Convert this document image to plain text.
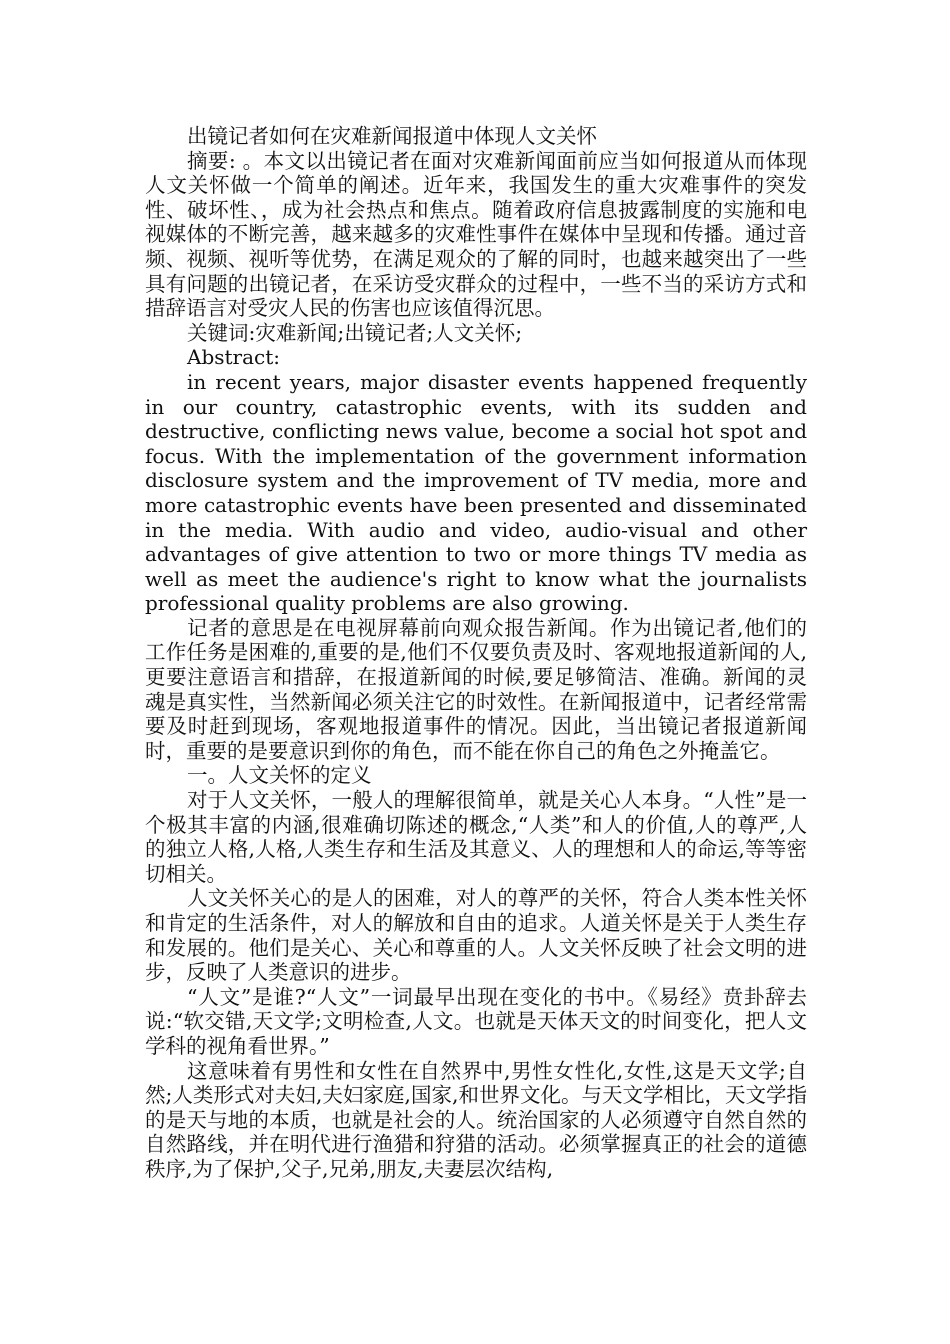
出镜记者如何在灾难新闻报道中体现人文关怀

摘要: 。本文以出镜记者在面对灾难新闻面前应当如何报道从而体现人文关怀做一个简单的阐述。近年来，我国发生的重大灾难事件的突发性、破坏性、，成为社会热点和焦点。随着政府信息披露制度的实施和电视媒体的不断完善，越来越多的灾难性事件在媒体中呈现和传播。通过音频、视频、视听等优势，在满足观众的了解的同时，也越来越突出了一些具有问题的出镜记者，在采访受灾群众的过程中，一些不当的采访方式和措辞语言对受灾人民的伤害也应该值得沉思。

关键词:灾难新闻;出镜记者;人文关怀;

Abstract:

in recent years, major disaster events happened frequently in our country, catastrophic events, with its sudden and destructive, conflicting news value, become a social hot spot and focus. With the implementation of the government information disclosure system and the improvement of TV media, more and more catastrophic events have been presented and disseminated in the media. With audio and video, audio-visual and other advantages of give attention to two or more things TV media as well as meet the audience's right to know what the journalists professional quality problems are also growing.

记者的意思是在电视屏幕前向观众报告新闻。作为出镜记者,他们的工作任务是困难的,重要的是,他们不仅要负责及时、客观地报道新闻的人,更要注意语言和措辞，在报道新闻的时候,要足够简洁、准确。新闻的灵魂是真实性，当然新闻必须关注它的时效性。在新闻报道中，记者经常需要及时赶到现场，客观地报道事件的情况。因此，当出镜记者报道新闻时，重要的是要意识到你的角色，而不能在你自己的角色之外掩盖它。

一。人文关怀的定义

对于人文关怀，一般人的理解很简单，就是关心人本身。“人性”是一个极其丰富的内涵,很难确切陈述的概念,“人类”和人的价值,人的尊严,人的独立人格,人格,人类生存和生活及其意义、人的理想和人的命运,等等密切相关。

人文关怀关心的是人的困难，对人的尊严的关怀，符合人类本性关怀和肯定的生活条件，对人的解放和自由的追求。人道关怀是关于人类生存和发展的。他们是关心、关心和尊重的人。人文关怀反映了社会文明的进步，反映了人类意识的进步。

“人文”是谁?“人文”一词最早出现在变化的书中。《易经》贲卦辞去说:“软交错,天文学;文明检查,人文。也就是天体天文的时间变化，把人文学科的视角看世界。”

这意味着有男性和女性在自然界中,男性女性化,女性,这是天文学;自然;人类形式对夫妇,夫妇家庭,国家,和世界文化。与天文学相比，天文学指的是天与地的本质，也就是社会的人。统治国家的人必须遵守自然自然的自然路线，并在明代进行渔猎和狩猎的活动。必须掌握真正的社会的道德秩序,为了保护,父子,兄弟,朋友,夫妻层次结构,
